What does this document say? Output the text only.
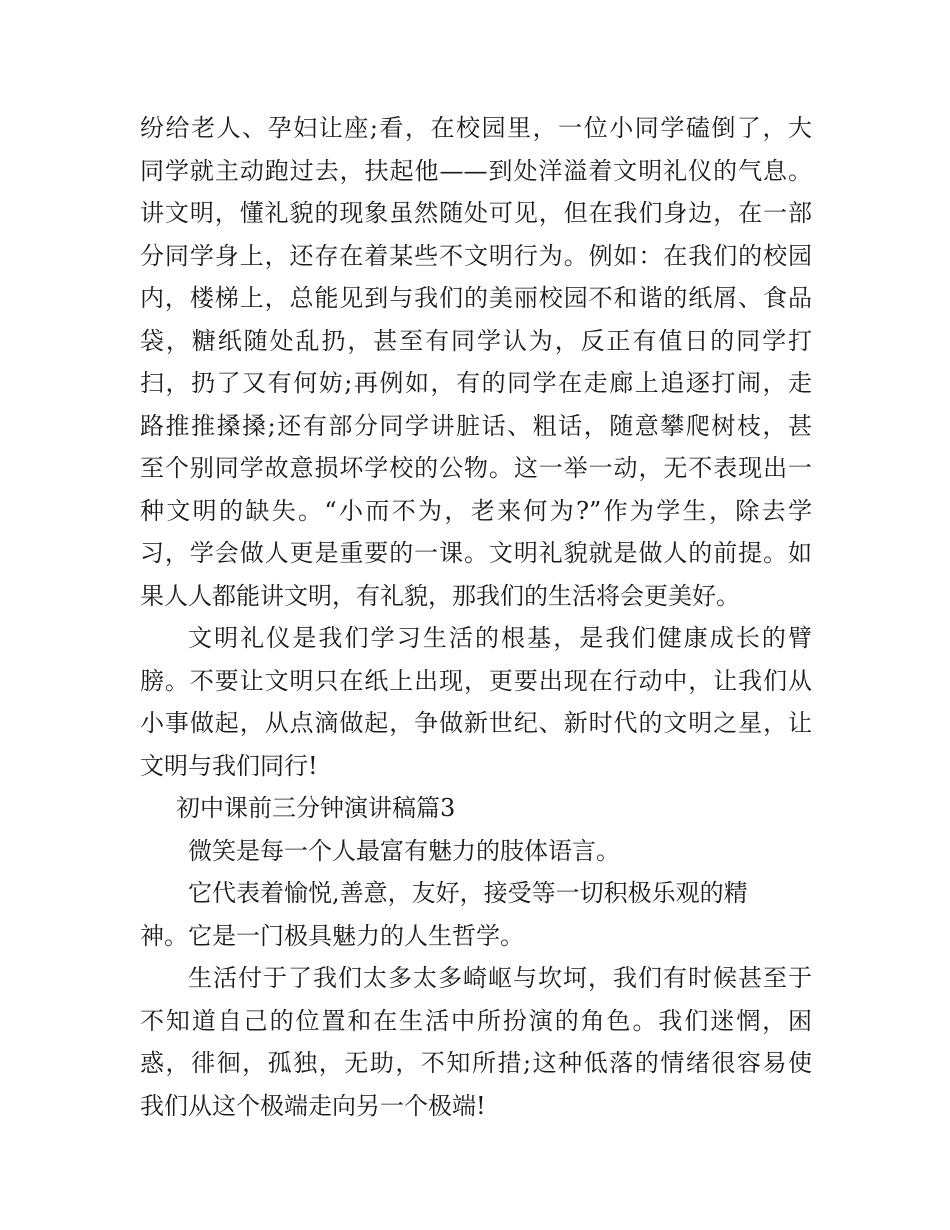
纷给老人、孕妇让座;看，在校园里，一位小同学磕倒了，大
同学就主动跑过去，扶起他——到处洋溢着文明礼仪的气息。
讲文明，懂礼貌的现象虽然随处可见，但在我们身边，在一部
分同学身上，还存在着某些不文明行为。例如：在我们的校园
内，楼梯上，总能见到与我们的美丽校园不和谐的纸屑、食品
袋，糖纸随处乱扔，甚至有同学认为，反正有值日的同学打
扫，扔了又有何妨;再例如，有的同学在走廊上追逐打闹，走
路推推搡搡;还有部分同学讲脏话、粗话，随意攀爬树枝，甚
至个别同学故意损坏学校的公物。这一举一动，无不表现出一
种文明的缺失。“小而不为，老来何为?”作为学生，除去学
习，学会做人更是重要的一课。文明礼貌就是做人的前提。如
果人人都能讲文明，有礼貌，那我们的生活将会更美好。
文明礼仪是我们学习生活的根基，是我们健康成长的臂
膀。不要让文明只在纸上出现，更要出现在行动中，让我们从
小事做起，从点滴做起，争做新世纪、新时代的文明之星，让
文明与我们同行!
初中课前三分钟演讲稿篇3
微笑是每一个人最富有魅力的肢体语言。
它代表着愉悦,善意，友好，接受等一切积极乐观的精
神。它是一门极具魅力的人生哲学。
生活付于了我们太多太多崎岖与坎坷，我们有时候甚至于
不知道自己的位置和在生活中所扮演的角色。我们迷惘，困
惑，徘徊，孤独，无助，不知所措;这种低落的情绪很容易使
我们从这个极端走向另一个极端!
